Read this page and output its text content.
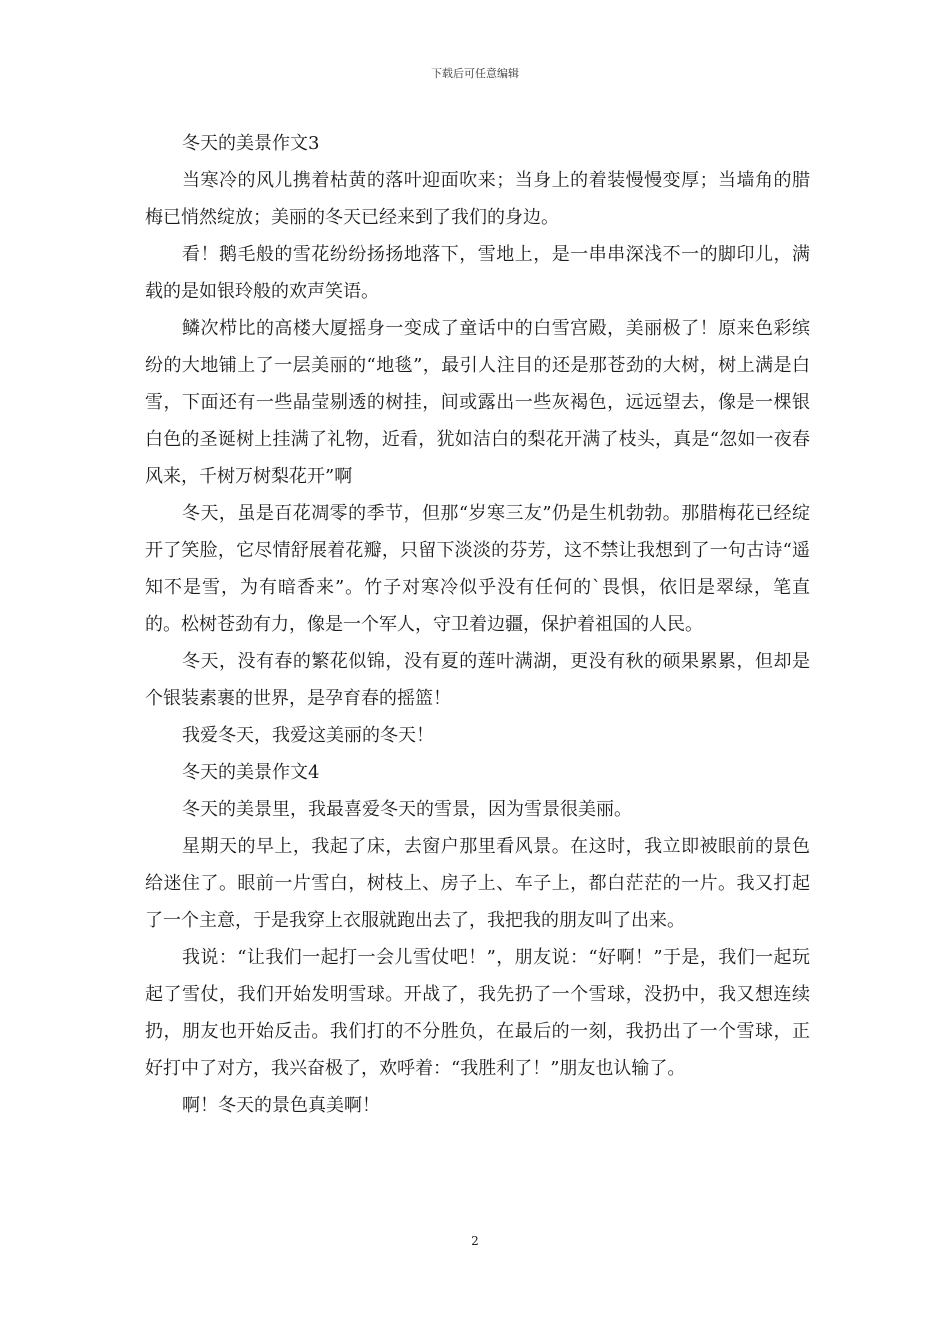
下载后可任意编辑

冬天的美景作文3

当寒冷的风儿携着枯黄的落叶迎面吹来；当身上的着装慢慢变厚；当墙角的腊梅已悄然绽放；美丽的冬天已经来到了我们的身边。

看！鹅毛般的雪花纷纷扬扬地落下，雪地上，是一串串深浅不一的脚印儿，满载的是如银玲般的欢声笑语。

鳞次栉比的高楼大厦摇身一变成了童话中的白雪宫殿，美丽极了！原来色彩缤纷的大地铺上了一层美丽的“地毯”，最引人注目的还是那苍劲的大树，树上满是白雪，下面还有一些晶莹剔透的树挂，间或露出一些灰褐色，远远望去，像是一棵银白色的圣诞树上挂满了礼物，近看，犹如洁白的梨花开满了枝头，真是“忽如一夜春风来，千树万树梨花开”啊

冬天，虽是百花凋零的季节，但那“岁寒三友”仍是生机勃勃。那腊梅花已经绽开了笑脸，它尽情舒展着花瓣，只留下淡淡的芬芳，这不禁让我想到了一句古诗“遥知不是雪，为有暗香来”。竹子对寒冷似乎没有任何的`畏惧，依旧是翠绿，笔直的。松树苍劲有力，像是一个军人，守卫着边疆，保护着祖国的人民。

冬天，没有春的繁花似锦，没有夏的莲叶满湖，更没有秋的硕果累累，但却是个银装素裹的世界，是孕育春的摇篮！

我爱冬天，我爱这美丽的冬天！

冬天的美景作文4

冬天的美景里，我最喜爱冬天的雪景，因为雪景很美丽。

星期天的早上，我起了床，去窗户那里看风景。在这时，我立即被眼前的景色给迷住了。眼前一片雪白，树枝上、房子上、车子上，都白茫茫的一片。我又打起了一个主意，于是我穿上衣服就跑出去了，我把我的朋友叫了出来。

我说：“让我们一起打一会儿雪仗吧！”，朋友说：“好啊！”于是，我们一起玩起了雪仗，我们开始发明雪球。开战了，我先扔了一个雪球，没扔中，我又想连续扔，朋友也开始反击。我们打的不分胜负，在最后的一刻，我扔出了一个雪球，正好打中了对方，我兴奋极了，欢呼着：“我胜利了！”朋友也认输了。

啊！冬天的景色真美啊！

2
